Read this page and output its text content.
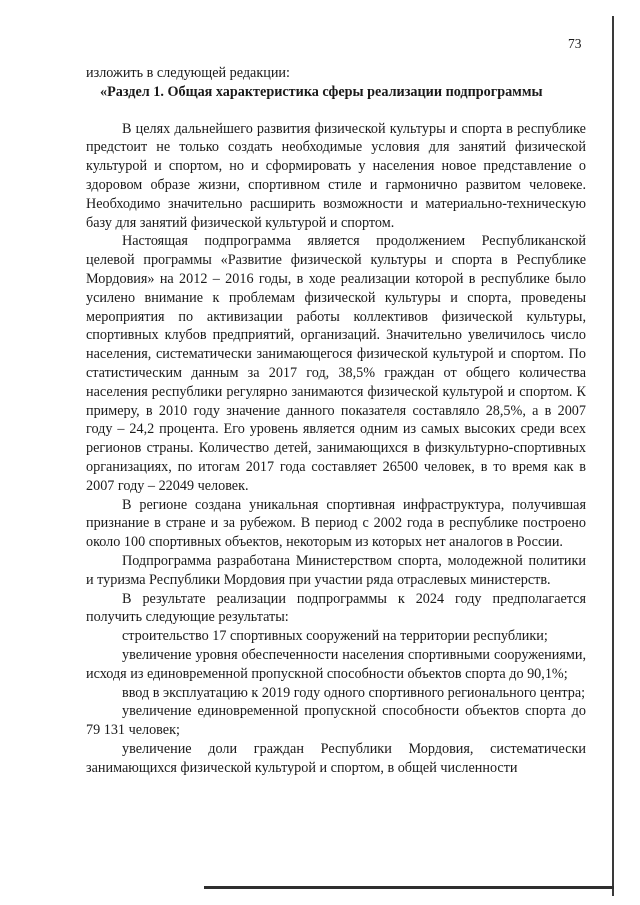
73

изложить в следующей редакции:

«Раздел 1. Общая характеристика сферы реализации подпрограммы

В целях дальнейшего развития физической культуры и спорта в республике предстоит не только создать необходимые условия для занятий физической культурой и спортом, но и сформировать у населения новое представление о здоровом образе жизни, спортивном стиле и гармонично развитом человеке. Необходимо значительно расширить возможности и материально-техническую базу для занятий физической культурой и спортом.

Настоящая подпрограмма является продолжением Республиканской целевой программы «Развитие физической культуры и спорта в Республике Мордовия» на 2012 – 2016 годы, в ходе реализации которой в республике было усилено внимание к проблемам физической культуры и спорта, проведены мероприятия по активизации работы коллективов физической культуры, спортивных клубов предприятий, организаций. Значительно увеличилось число населения, систематически занимающегося физической культурой и спортом. По статистическим данным за 2017 год, 38,5% граждан от общего количества населения республики регулярно занимаются физической культурой и спортом. К примеру, в 2010 году значение данного показателя составляло 28,5%, а в 2007 году – 24,2 процента. Его уровень является одним из самых высоких среди всех регионов страны. Количество детей, занимающихся в физкультурно-спортивных организациях, по итогам 2017 года составляет 26500 человек, в то время как в 2007 году – 22049 человек.

В регионе создана уникальная спортивная инфраструктура, получившая признание в стране и за рубежом. В период с 2002 года в республике построено около 100 спортивных объектов, некоторым из которых нет аналогов в России.

Подпрограмма разработана Министерством спорта, молодежной политики и туризма Республики Мордовия при участии ряда отраслевых министерств.

В результате реализации подпрограммы к 2024 году предполагается получить следующие результаты:

строительство 17 спортивных сооружений на территории республики;

увеличение уровня обеспеченности населения спортивными сооружениями, исходя из единовременной пропускной способности объектов спорта до 90,1%;

ввод в эксплуатацию к 2019 году одного спортивного регионального центра;

увеличение единовременной пропускной способности объектов спорта до 79 131 человек;

увеличение доли граждан Республики Мордовия, систематически занимающихся физической культурой и спортом, в общей численности
